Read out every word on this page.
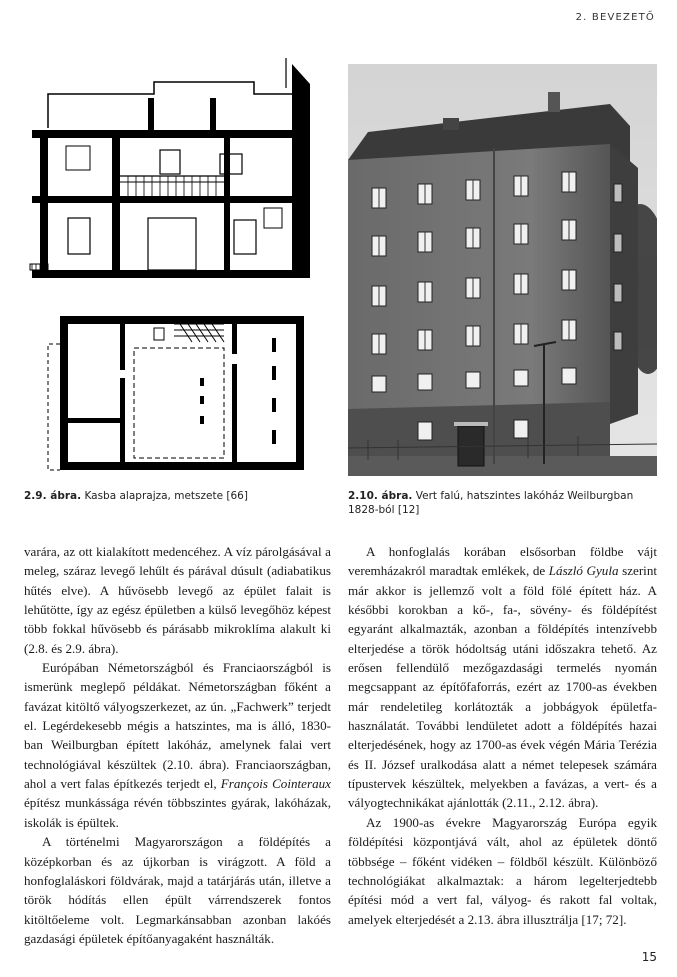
2. BEVEZETŐ
2.9. ábra. Kasba alaprajza, metszete [66]	2.10. ábra. Vert falú, hatszintes lakóház Weilburgban
1828-ból [12]

varára, az ott kialakított medencéhez. A víz párolgásával a meleg, száraz levegő lehűlt és párával dúsult (adiabatikus hűtés elve). A hűvösebb levegő az épület falait is lehűtötte, így az egész épületben a külső levegőhöz képest több fokkal hűvösebb és párásabb mikroklíma alakult ki (2.8. és 2.9. ábra).

Európában Németországból és Franciaországból is ismerünk meglepő példákat. Németországban főként a favázat kitöltő vályogszerkezet, az ún. „Fachwerk” terjedt el. Legérdekesebb mégis a hatszintes, ma is álló, 1830-ban Weilburgban épített lakóház, amelynek falai vert technológiával készültek (2.10. ábra). Franciaországban, ahol a vert falas építkezés terjedt el, François Cointeraux építész munkássága révén többszintes gyárak, lakóházak, iskolák is épültek.

A történelmi Magyarországon a földépítés a középkorban és az újkorban is virágzott. A föld a honfoglaláskori földvárak, majd a tatárjárás után, illetve a török hódítás ellen épült várrendszerek fontos kitöltőeleme volt. Legmarkánsabban azonban lakóés gazdasági épületek építőanyagaként használták.

A honfoglalás korában elsősorban földbe vájt veremházakról maradtak emlékek, de László Gyula szerint már akkor is jellemző volt a föld fölé épített ház. A későbbi korokban a kő-, fa-, sövény- és földépítést egyaránt alkalmazták, azonban a földépítés intenzívebb elterjedése a török hódoltság utáni időszakra tehető. Az erősen fellendülő mezőgazdasági termelés nyomán megcsappant az építőfaforrás, ezért az 1700-as években már rendeletileg korlátozták a jobbágyok épületfa-használatát. További lendületet adott a földépítés hazai elterjedésének, hogy az 1700-as évek végén Mária Terézia és II. József uralkodása alatt a német telepesek számára típustervek készültek, melyekben a favázas, a vert- és a vályogtechnikákat ajánlották (2.11., 2.12. ábra).

Az 1900-as évekre Magyarország Európa egyik földépítési központjává vált, ahol az épületek döntő többsége – főként vidéken – földből készült. Különböző technológiákat alkalmaztak: a három legelterjedtebb építési mód a vert fal, vályog- és rakott fal voltak, amelyek elterjedését a 2.13. ábra illusztrálja [17; 72].

15
